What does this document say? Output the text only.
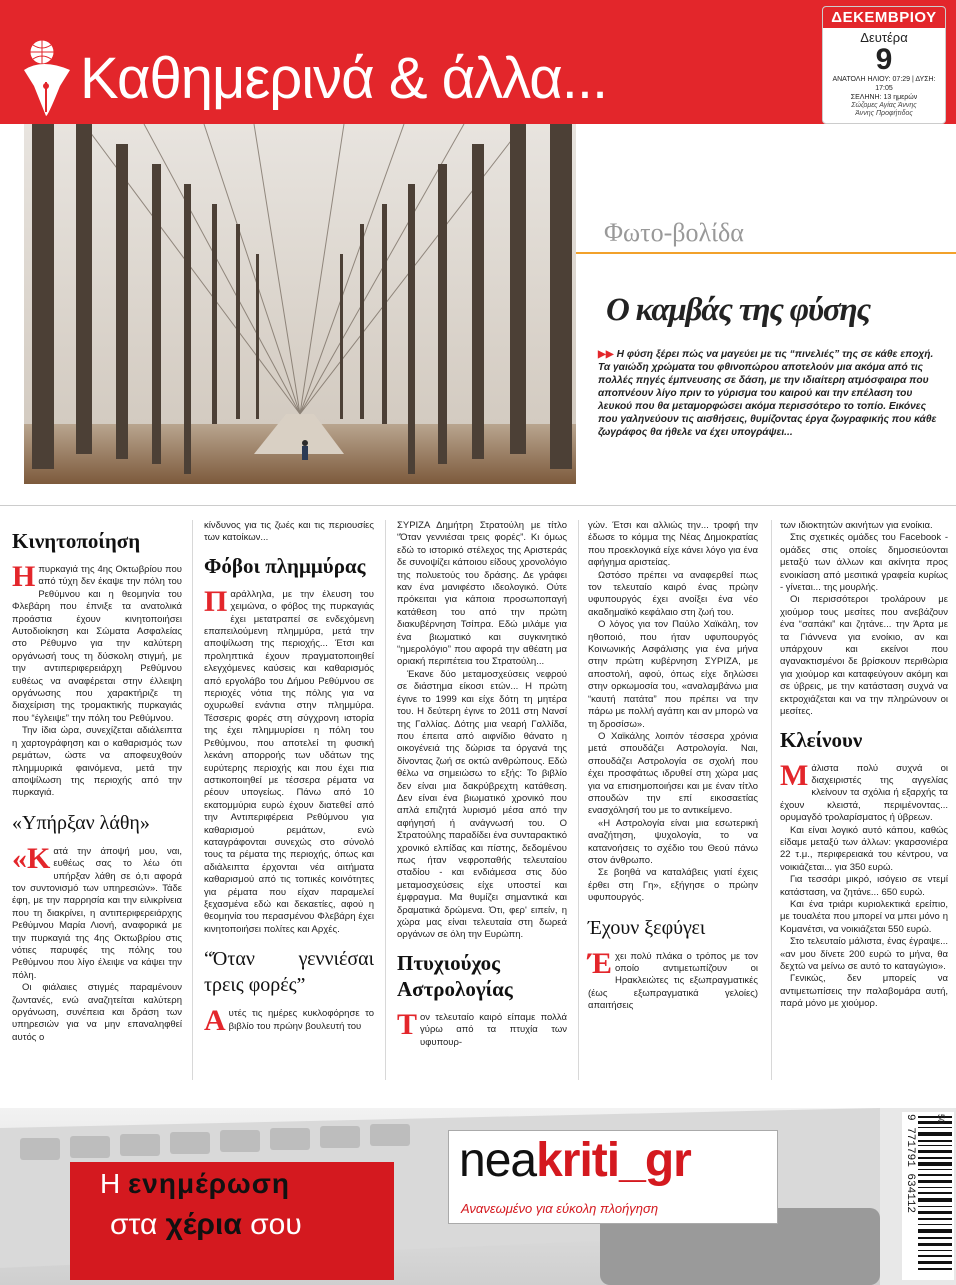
Καθημερινά & άλλα...
ΔΕΚΕΜΒΡΙΟΥ
Δευτέρα
9
ΑΝΑΤΟΛΗ ΗΛΙΟΥ: 07:29 | ΔΥΣΗ: 17:05
ΣΕΛΗΝΗ: 13 ημερών
Σώζομες Αγίας Άννης
Άννης Προφήτιδος
Φωτο-βολίδα
Ο καμβάς της φύσης
▶▶ Η φύση ξέρει πώς να μαγεύει με τις “πινελιές” της σε κάθε εποχή. Τα γαιώδη χρώματα του φθινοπώρου αποτελούν μια ακόμα από τις πολλές πηγές έμπνευσης σε δάση, με την ιδιαίτερη ατμόσφαιρα που αποπνέουν λίγο πριν το γύρισμα του καιρού και την επέλαση του λευκού που θα μεταμορφώσει ακόμα περισσότερο το τοπίο. Εικόνες που γαληνεύουν τις αισθήσεις, θυμίζοντας έργα ζωγραφικής που κάθε ζωγράφος θα ήθελε να έχει υπογράψει...
Κινητοποίηση

Ηπυρκαγιά της 4ης Οκτωβρίου που από τύχη δεν έκαψε την πόλη του Ρεθύμνου και η θεομηνία του Φλεβάρη που έπνιξε τα ανατολικά προάστια έχουν κινητοποιήσει Αυτοδιοίκηση και Σώματα Ασφαλείας στο Ρέθυμνο για την καλύτερη οργάνωσή τους τη δύσκολη στιγμή, με την αντιπεριφερειάρχη Ρεθύμνου ευθέως να αναφέρεται στην έλλειψη οργάνωσης που χαρακτήριζε τη διαχείριση της τρομακτικής πυρκαγιάς που “έγλειψε” την πόλη του Ρεθύμνου.

Την ίδια ώρα, συνεχίζεται αδιάλειπτα η χαρτογράφηση και ο καθαρισμός των ρεμάτων, ώστε να αποφευχθούν πλημμυρικά φαινόμενα, μετά την αποψίλωση της περιοχής από την πυρκαγιά.

«Υπήρξαν λάθη»

«Κατά την άποψή μου, ναι, ευθέως σας το λέω ότι υπήρξαν λάθη σε ό,τι αφορά τον συντονισμό των υπηρεσιών». Τάδε έφη, με την παρρησία και την ειλικρίνεια που τη διακρίνει, η αντιπεριφερειάρχης Ρεθύμνου Μαρία Λιονή, αναφορικά με την πυρκαγιά της 4ης Οκτωβρίου στις νότιες παρυφές της πόλης του Ρεθύμνου που λίγο έλειψε να κάψει την πόλη.

Οι φιάλαιες στιγμές παραμένουν ζωντανές, ενώ αναζητείται καλύτερη οργάνωση, συνέπεια και δράση των υπηρεσιών για να μην επαναληφθεί αυτός ο

κίνδυνος για τις ζωές και τις περιουσίες των κατοίκων...

Φόβοι πλημμύρας

Παράλληλα, με την έλευση του χειμώνα, ο φόβος της πυρκαγιάς έχει μετατραπεί σε ενδεχόμενη επαπειλούμενη πλημμύρα, μετά την αποψίλωση της περιοχής... Έτσι και προληπτικά έχουν πραγματοποιηθεί ελεγχόμενες καύσεις και καθαρισμός από εργολάβο του Δήμου Ρεθύμνου σε περιοχές νότια της πόλης για να οχυρωθεί ενάντια στην πλημμύρα. Τέσσερις φορές στη σύγχρονη ιστορία της έχει πλημμυρίσει η πόλη του Ρεθύμνου, που αποτελεί τη φυσική λεκάνη απορροής των υδάτων της ευρύτερης περιοχής και που έχει πια αστικοποιηθεί με τέσσερα ρέματα να ρέουν υπογείως. Πάνω από 10 εκατομμύρια ευρώ έχουν διατεθεί από την Αντιπεριφέρεια Ρεθύμνου για καθαρισμού ρεμάτων, ενώ καταγράφονται συνεχώς στο σύνολό τους τα ρέματα της περιοχής, όπως και αδιάλειπτα έρχονται νέα αιτήματα καθαρισμού από τις τοπικές κοινότητες για ρέματα που είχαν παραμελεί ξεχασμένα εδώ και δεκαετίες, αφού η θεομηνία του περασμένου Φλεβάρη έχει κινητοποιήσει πολίτες και Αρχές.

“Όταν γεννιέσαι τρεις φορές”

Αυτές τις ημέρες κυκλοφόρησε το βιβλίο του πρώην βουλευτή του

ΣΥΡΙΖΑ Δημήτρη Στρατούλη με τίτλο “Όταν γεννιέσαι τρεις φορές”. Κι όμως εδώ το ιστορικό στέλεχος της Αριστεράς δε συνοψίζει κάποιου είδους χρονολόγιο της πολυετούς του δράσης. Δε γράφει καν ένα μανιφέστο ιδεολογικό. Ούτε πρόκειται για κάποια προσωποπαγή κατάθεση του από την πρώτη διακυβέρνηση Τσίπρα. Εδώ μιλάμε για ένα βιωματικό και συγκινητικό “ημερολόγιο” που αφορά την αθέατη μα οριακή περιπέτεια του Στρατούλη...

Έκανε δύο μεταμοσχεύσεις νεφρού σε διάστημα είκοσι ετών... Η πρώτη έγινε το 1999 και είχε δότη τη μητέρα του. Η δεύτερη έγινε το 2011 στη Νανσί της Γαλλίας. Δότης μια νεαρή Γαλλίδα, που έπειτα από αιφνίδιο θάνατο η οικογένειά της δώρισε τα όργανά της δίνοντας ζωή σε οκτώ ανθρώπους. Εδώ θέλω να σημειώσω το εξής: Το βιβλίο δεν είναι μια δακρύβρεχτη κατάθεση. Δεν είναι ένα βιωματικό χρονικό που απλά επιζητά λυρισμό μέσα από την αφήγησή ή ανάγνωσή του. Ο Στρατούλης παραδίδει ένα συνταρακτικό χρονικό ελπίδας και πίστης, δεδομένου πως ήταν νεφροπαθής τελευταίου σταδίου - και ενδιάμεσα στις δύο μεταμοσχεύσεις είχε υποστεί και έμφραγμα. Μα θυμίζει σημαντικά και δραματικά δρώμενα. Ότι, φερ' ειπείν, η χώρα μας είναι τελευταία στη δωρεά οργάνων σε όλη την Ευρώπη.

Πτυχιούχος Αστρολογίας

Τον τελευταίο καιρό είπαμε πολλά γύρω από τα πτυχία των υφυπουρ-

γών. Έτσι και αλλιώς την... τροφή την έδωσε το κόμμα της Νέας Δημοκρατίας που προεκλογικά είχε κάνει λόγο για ένα αφήγημα αριστείας.

Ωστόσο πρέπει να αναφερθεί πως τον τελευταίο καιρό ένας πρώην υφυπουργός έχει ανοίξει ένα νέο ακαδημαϊκό κεφάλαιο στη ζωή του.

Ο λόγος για τον Παύλο Χαϊκάλη, τον ηθοποιό, που ήταν υφυπουργός Κοινωνικής Ασφάλισης για ένα μήνα στην πρώτη κυβέρνηση ΣΥΡΙΖΑ, με αποστολή, αφού, όπως είχε δηλώσει στην ορκωμοσία του, «αναλαμβάνω μια “καυτή πατάτα” που πρέπει να την πάρω με πολλή αγάπη και αν μπορώ να τη δροσίσω».

Ο Χαϊκάλης λοιπόν τέσσερα χρόνια μετά σπουδάζει Αστρολογία. Ναι, σπουδάζει Αστρολογία σε σχολή που έχει προσφάτως ιδρυθεί στη χώρα μας για να επισημοποιήσει και με έναν τίτλο σπουδών την επί εικοσαετίας ενασχόλησή του με το αντικείμενο.

«Η Αστρολογία είναι μια εσωτερική αναζήτηση, ψυχολογία, το να κατανοήσεις το σχέδιο του Θεού πάνω στον άνθρωπο.

Σε βοηθά να καταλάβεις γιατί έχεις έρθει στη Γη», εξήγησε ο πρώην υφυπουργός.

Έχουν ξεφύγει

Έχει πολύ πλάκα ο τρόπος με τον οποίο αντιμετωπίζουν οι Ηρακλειώτες τις εξωπραγματικές (έως εξωπραγματικά γελοίες) απαιτήσεις

των ιδιοκτητών ακινήτων για ενοίκια.

Στις σχετικές ομάδες του Facebook - ομάδες στις οποίες δημοσιεύονται μεταξύ των άλλων και ακίνητα προς ενοικίαση από μεσιτικά γραφεία κυρίως - γίνεται... της μουρλής.

Οι περισσότεροι τρολάρουν με χιούμορ τους μεσίτες που ανεβάζουν ένα “σαπάκι” και ζητάνε... την Άρτα με τα Γιάννενα για ενοίκιο, αν και υπάρχουν και εκείνοι που αγανακτισμένοι δε βρίσκουν περιθώρια για χιούμορ και καταφεύγουν ακόμη και σε ύβρεις, με την κατάσταση συχνά να εκτροχιάζεται και να την πληρώνουν οι μεσίτες.

Κλείνουν

Μάλιστα πολύ συχνά οι διαχειριστές της αγγελίας κλείνουν τα σχόλια ή εξαρχής τα έχουν κλειστά, περιμένοντας... ορυμαγδό τρολαρίσματος ή ύβρεων.

Και είναι λογικό αυτό κάπου, καθώς είδαμε μεταξύ των άλλων: γκαρσονιέρα 22 τ.μ., περιφερειακά του κέντρου, να νοικιάζεται... για 350 ευρώ.

Για τεσσάρι μικρό, ισόγειο σε ντεμί κατάσταση, να ζητάνε... 650 ευρώ.

Και ένα τριάρι κυριολεκτικά ερείπιο, με τουαλέτα που μπορεί να μπει μόνο η Κομανέτσι, να νοικιάζεται 550 ευρώ.

Στο τελευταίο μάλιστα, ένας έγραψε... «αν μου δίνετε 200 ευρώ το μήνα, θα δεχτώ να μείνω σε αυτό το καταγώγιο».

Γενικώς, δεν μπορείς να αντιμετωπίσεις την παλαβομάρα αυτή, παρά μόνο με χιούμορ.

Η ενημέρωση
στα χέρια σου
neakriti_gr
Ανανεωμένο για εύκολη πλοήγηση	9 771791 634112 50
